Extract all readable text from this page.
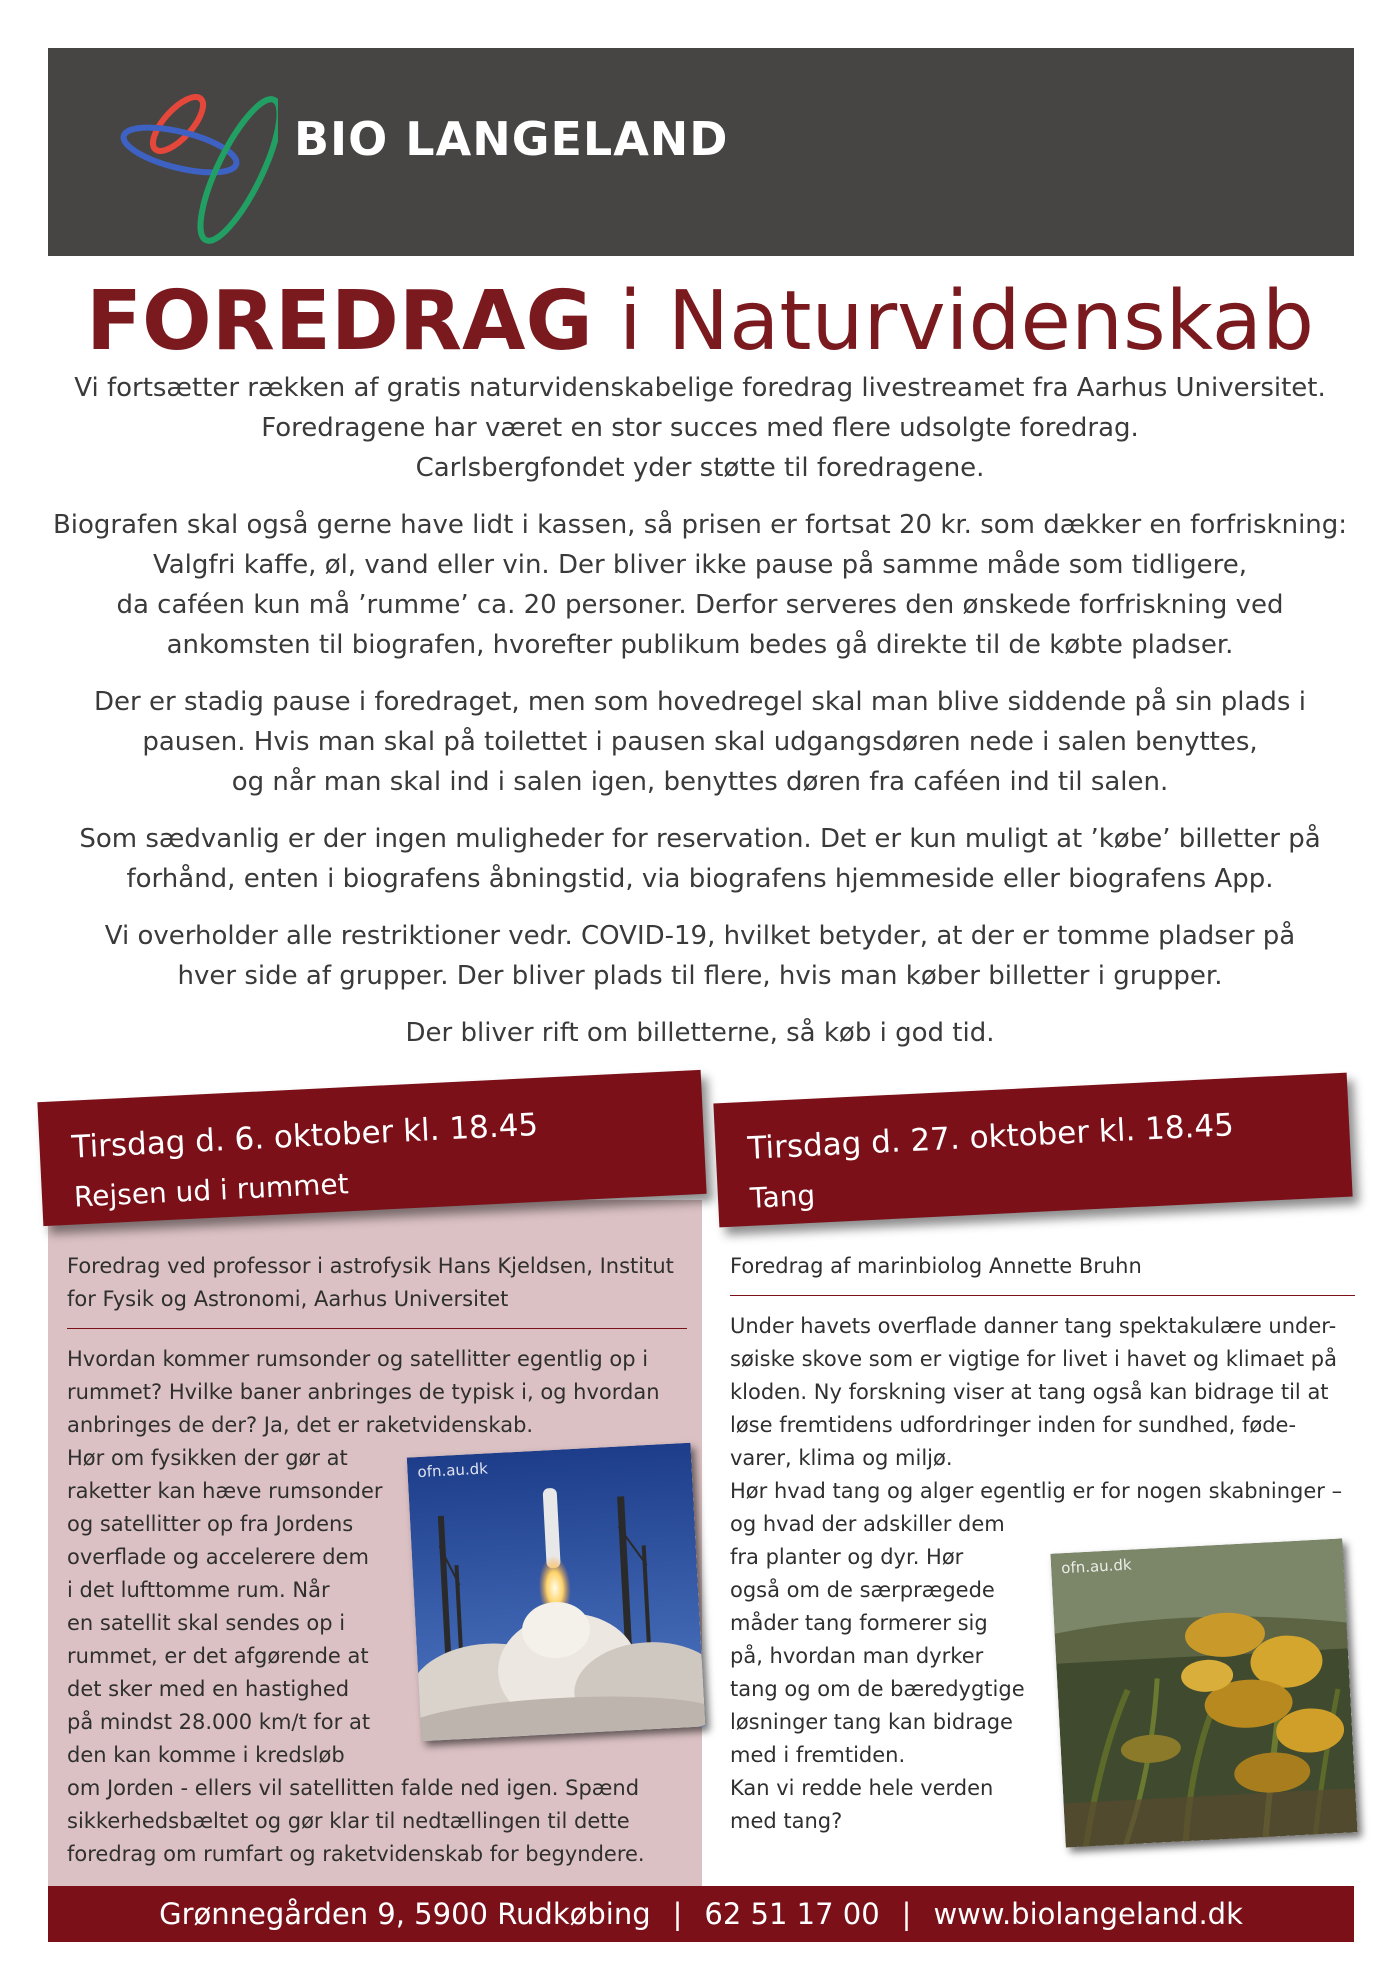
BIO LANGELAND
FOREDRAG i Naturvidenskab

Vi fortsætter rækken af gratis naturvidenskabelige foredrag livestreamet fra Aarhus Universitet.
Foredragene har været en stor succes med flere udsolgte foredrag.
Carlsbergfondet yder støtte til foredragene.

Biografen skal også gerne have lidt i kassen, så prisen er fortsat 20 kr. som dækker en forfriskning:
Valgfri kaffe, øl, vand eller vin. Der bliver ikke pause på samme måde som tidligere,
da caféen kun må ’rumme’ ca. 20 personer. Derfor serveres den ønskede forfriskning ved
ankomsten til biografen, hvorefter publikum bedes gå direkte til de købte pladser.

Der er stadig pause i foredraget, men som hovedregel skal man blive siddende på sin plads i
pausen. Hvis man skal på toilettet i pausen skal udgangsdøren nede i salen benyttes,
og når man skal ind i salen igen, benyttes døren fra caféen ind til salen.

Som sædvanlig er der ingen muligheder for reservation. Det er kun muligt at ’købe’ billetter på
forhånd, enten i biografens åbningstid, via biografens hjemmeside eller biografens App.

Vi overholder alle restriktioner vedr. COVID-19, hvilket betyder, at der er tomme pladser på
hver side af grupper. Der bliver plads til flere, hvis man køber billetter i grupper.

Der bliver rift om billetterne, så køb i god tid.

Tirsdag d. 6. oktober kl. 18.45
Rejsen ud i rummet
Tirsdag d. 27. oktober kl. 18.45
Tang

Foredrag ved professor i astrofysik Hans Kjeldsen, Institut
for Fysik og Astronomi, Aarhus Universitet

Hvordan kommer rumsonder og satellitter egentlig op i
rummet? Hvilke baner anbringes de typisk i, og hvordan
anbringes de der? Ja, det er raketvidenskab.
Hør om fysikken der gør at
raketter kan hæve rumsonder
og satellitter op fra Jordens
overflade og accelerere dem
i det lufttomme rum. Når
en satellit skal sendes op i
rummet, er det afgørende at
det sker med en hastighed
på mindst 28.000 km/t for at
den kan komme i kredsløb
om Jorden - ellers vil satellitten falde ned igen. Spænd
sikkerhedsbæltet og gør klar til nedtællingen til dette
foredrag om rumfart og raketvidenskab for begyndere.

Foredrag af marinbiolog Annette Bruhn

Under havets overflade danner tang spektakulære under-
søiske skove som er vigtige for livet i havet og klimaet på
kloden. Ny forskning viser at tang også kan bidrage til at
løse fremtidens udfordringer inden for sundhed, føde-
varer, klima og miljø.
Hør hvad tang og alger egentlig er for nogen skabninger –
og hvad der adskiller dem
fra planter og dyr. Hør
også om de særprægede
måder tang formerer sig
på, hvordan man dyrker
tang og om de bæredygtige
løsninger tang kan bidrage
med i fremtiden.
Kan vi redde hele verden
med tang?

ofn.au.dk
ofn.au.dk
Grønnegården 9, 5900 Rudkøbing | 62 51 17 00 | www.biolangeland.dk
